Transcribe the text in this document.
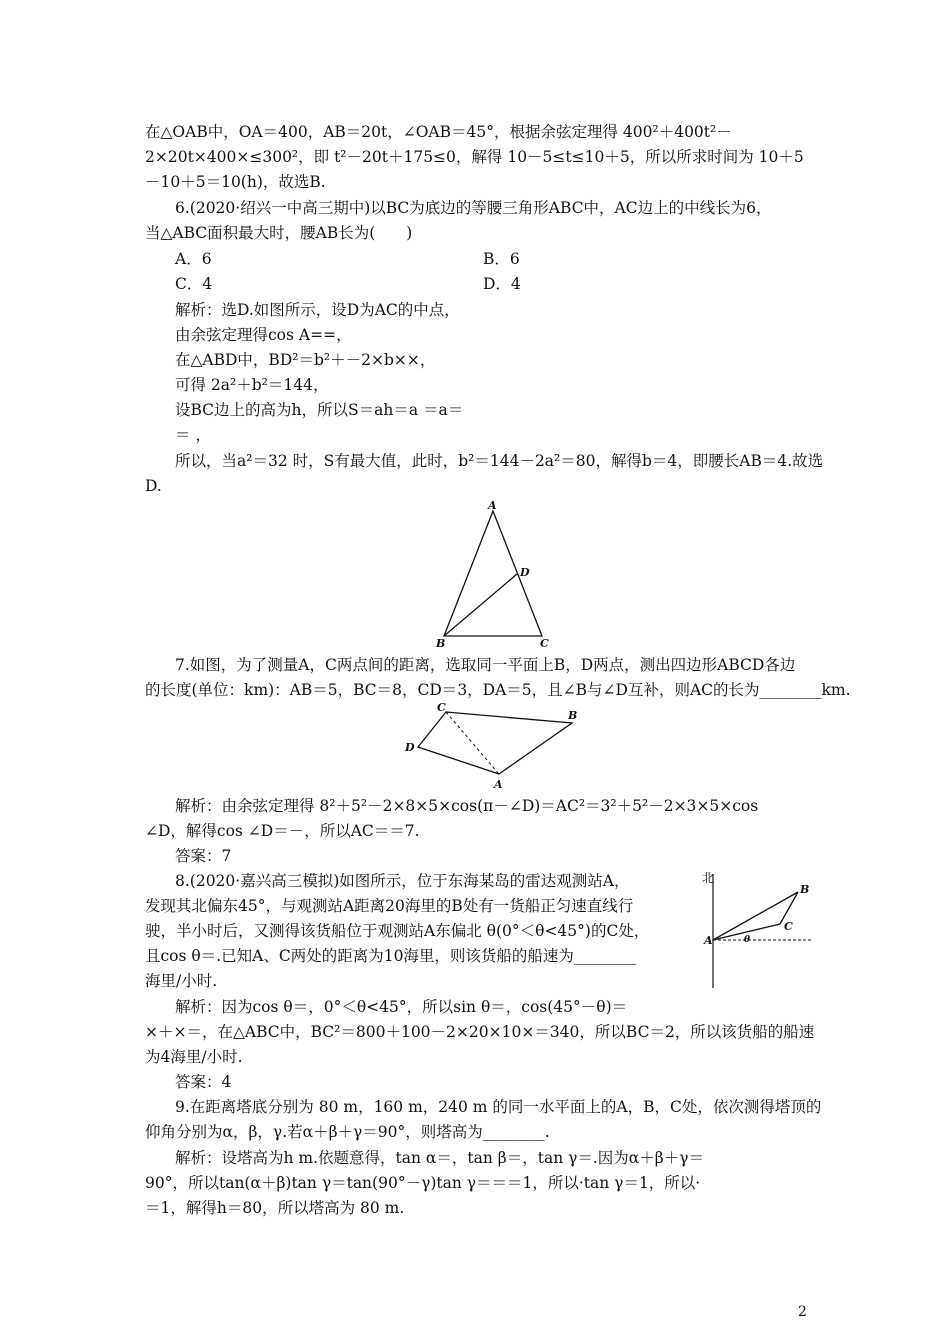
在△OAB中，OA＝400，AB＝20t，∠OAB＝45°，根据余弦定理得 400²＋400t²－
2×20t×400×≤300²，即 t²－20t＋175≤0，解得 10－5≤t≤10＋5，所以所求时间为 10＋5
－10＋5＝10(h)，故选B.
6.(2020·绍兴一中高三期中)以BC为底边的等腰三角形ABC中，AC边上的中线长为6，
当△ABC面积最大时，腰AB长为(　　)
A．6	B．6
C．4	D．4
解析：选D.如图所示，设D为AC的中点，
由余弦定理得cos A==，
在△ABD中，BD²＝b²＋－2×b××，
可得 2a²＋b²＝144，
设BC边上的高为h，所以S＝ah＝a ＝a＝
＝ ，
所以，当a²＝32 时，S有最大值，此时，b²＝144－2a²＝80，解得b＝4，即腰长AB＝4.故选
D.
A
D
B	C
7.如图，为了测量A，C两点间的距离，选取同一平面上B，D两点，测出四边形ABCD各边
的长度(单位：km)：AB＝5，BC＝8，CD＝3，DA＝5，且∠B与∠D互补，则AC的长为________km.
C
B
D
A
解析：由余弦定理得 8²＋5²－2×8×5×cos(π－∠D)＝AC²＝3²＋5²－2×3×5×cos
∠D，解得cos ∠D＝－，所以AC＝＝7.
答案：7
8.(2020·嘉兴高三模拟)如图所示，位于东海某岛的雷达观测站A，
发现其北偏东45°，与观测站A距离20海里的B处有一货船正匀速直线行
驶，半小时后，又测得该货船位于观测站A东偏北 θ(0°＜θ<45°)的C处，
且cos θ＝.已知A、C两处的距离为10海里，则该货船的船速为________
海里/小时.
北
B
C
A	θ
解析：因为cos θ＝，0°＜θ<45°，所以sin θ＝，cos(45°－θ)＝
×＋×＝，在△ABC中，BC²＝800＋100－2×20×10×＝340，所以BC＝2，所以该货船的船速
为4海里/小时.
答案：4
9.在距离塔底分别为 80 m，160 m，240 m 的同一水平面上的A，B，C处，依次测得塔顶的
仰角分别为α，β，γ.若α＋β＋γ＝90°，则塔高为________.
解析：设塔高为h m.依题意得，tan α＝，tan β＝，tan γ＝.因为α＋β＋γ＝
90°，所以tan(α＋β)tan γ＝tan(90°－γ)tan γ＝＝＝1，所以·tan γ＝1，所以·
＝1，解得h＝80，所以塔高为 80 m.
2
